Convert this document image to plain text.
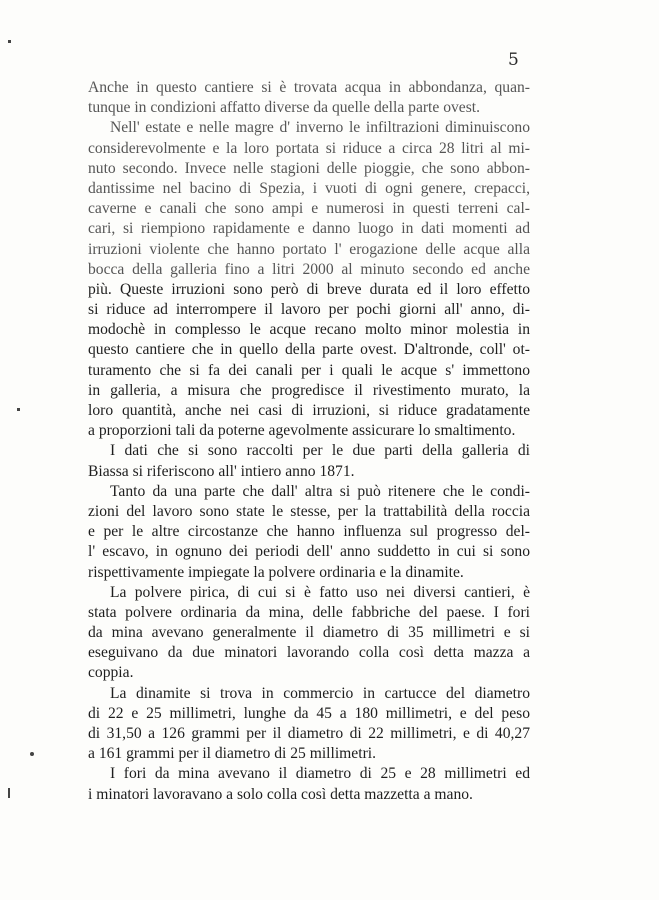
5
Anche in questo cantiere si è trovata acqua in abbondanza, quan-
tunque in condizioni affatto diverse da quelle della parte ovest.
Nell' estate e nelle magre d' inverno le infiltrazioni diminuiscono
considerevolmente e la loro portata si riduce a circa 28 litri al mi-
nuto secondo. Invece nelle stagioni delle pioggie, che sono abbon-
dantissime nel bacino di Spezia, i vuoti di ogni genere, crepacci,
caverne e canali che sono ampi e numerosi in questi terreni cal-
cari, si riempiono rapidamente e danno luogo in dati momenti ad
irruzioni violente che hanno portato l' erogazione delle acque alla
bocca della galleria fino a litri 2000 al minuto secondo ed anche
più. Queste irruzioni sono però di breve durata ed il loro effetto
si riduce ad interrompere il lavoro per pochi giorni all' anno, di-
modochè in complesso le acque recano molto minor molestia in
questo cantiere che in quello della parte ovest. D'altronde, coll' ot-
turamento che si fa dei canali per i quali le acque s' immettono
in galleria, a misura che progredisce il rivestimento murato, la
loro quantità, anche nei casi di irruzioni, si riduce gradatamente
a proporzioni tali da poterne agevolmente assicurare lo smaltimento.
I dati che si sono raccolti per le due parti della galleria di
Biassa si riferiscono all' intiero anno 1871.
Tanto da una parte che dall' altra si può ritenere che le condi-
zioni del lavoro sono state le stesse, per la trattabilità della roccia
e per le altre circostanze che hanno influenza sul progresso del-
l' escavo, in ognuno dei periodi dell' anno suddetto in cui si sono
rispettivamente impiegate la polvere ordinaria e la dinamite.
La polvere pirica, di cui si è fatto uso nei diversi cantieri, è
stata polvere ordinaria da mina, delle fabbriche del paese. I fori
da mina avevano generalmente il diametro di 35 millimetri e si
eseguivano da due minatori lavorando colla così detta mazza a
coppia.
La dinamite si trova in commercio in cartucce del diametro
di 22 e 25 millimetri, lunghe da 45 a 180 millimetri, e del peso
di 31,50 a 126 grammi per il diametro di 22 millimetri, e di 40,27
a 161 grammi per il diametro di 25 millimetri.
I fori da mina avevano il diametro di 25 e 28 millimetri ed
i minatori lavoravano a solo colla così detta mazzetta a mano.
